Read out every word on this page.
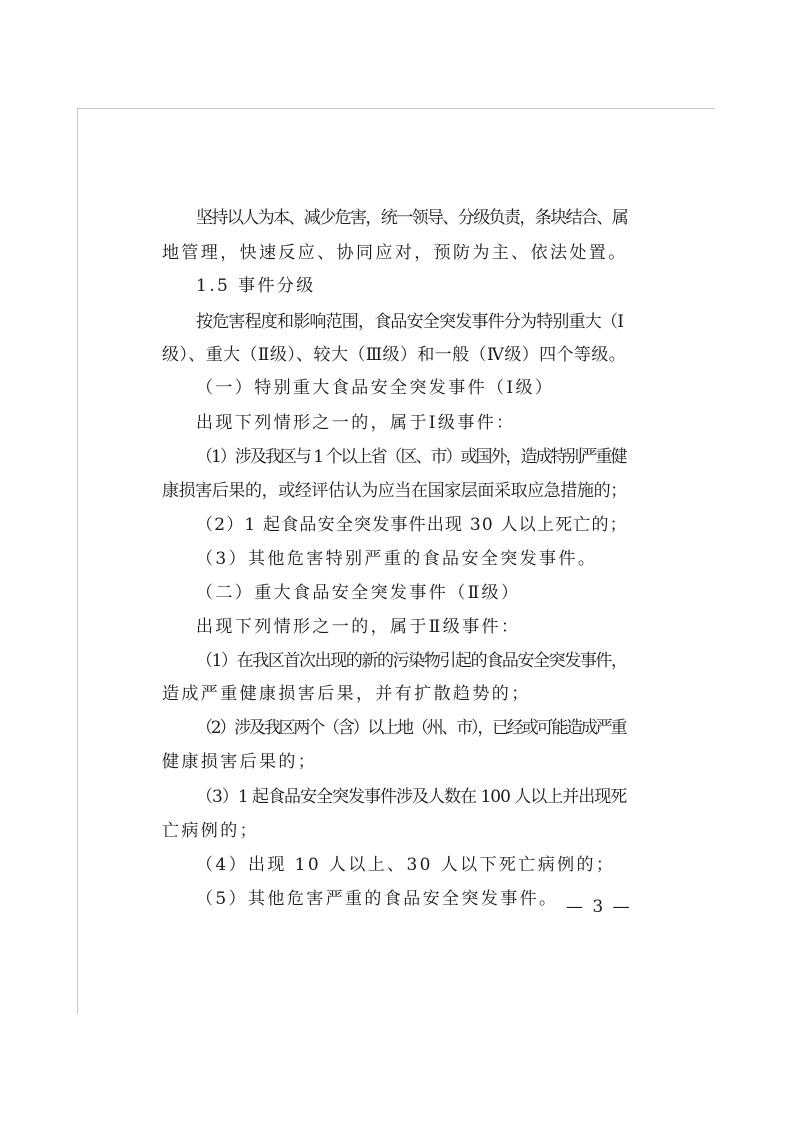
坚持以人为本、减少危害，统一领导、分级负责，条块结合、属
地管理，快速反应、协同应对，预防为主、依法处置。
1.5 事件分级
按危害程度和影响范围，食品安全突发事件分为特别重大（Ⅰ
级）、重大（Ⅱ级）、较大（Ⅲ级）和一般（Ⅳ级）四个等级。
（一）特别重大食品安全突发事件（Ⅰ级）
出现下列情形之一的，属于Ⅰ级事件：
（1）涉及我区与 1 个以上省（区、市）或国外，造成特别严重健
康损害后果的，或经评估认为应当在国家层面采取应急措施的；
（2）1 起食品安全突发事件出现 30 人以上死亡的；
（3）其他危害特别严重的食品安全突发事件。
（二）重大食品安全突发事件（Ⅱ级）
出现下列情形之一的，属于Ⅱ级事件：
（1）在我区首次出现的新的污染物引起的食品安全突发事件，
造成严重健康损害后果，并有扩散趋势的；
（2）涉及我区两个（含）以上地（州、市），已经或可能造成严重
健康损害后果的；
（3）1 起食品安全突发事件涉及人数在 100 人以上并出现死
亡病例的；
（4）出现 10 人以上、30 人以下死亡病例的；
（5）其他危害严重的食品安全突发事件。 — 3 —
